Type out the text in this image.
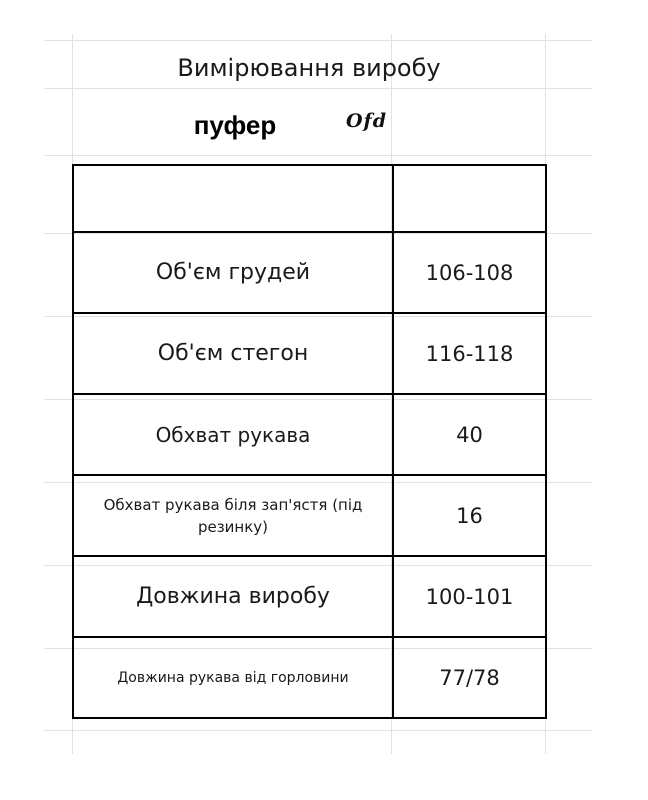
Вимірювання виробу
пуфер	Ofd

Об'єм грудей	106-108
Об'єм стегон	116-118
Обхват рукава	40
Обхват рукава біля зап'ястя (під резинку)	16
Довжина виробу	100-101
Довжина рукава від горловини	77/78
